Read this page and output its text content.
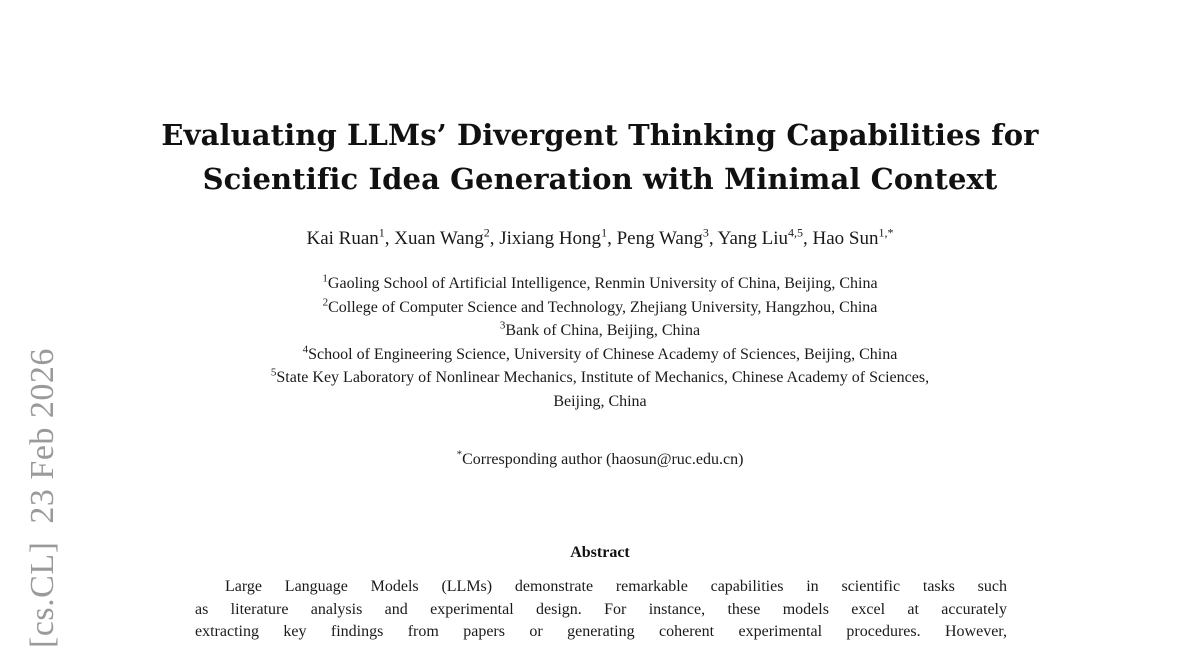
[cs.CL]23 Feb 2026
Evaluating LLMs’ Divergent Thinking Capabilities for
Scientific Idea Generation with Minimal Context
Kai Ruan$^1$, Xuan Wang$^2$, Jixiang Hong$^1$, Peng Wang$^3$, Yang Liu$^{4,5}$, Hao Sun$^{1,*}$
$^1$Gaoling School of Artificial Intelligence, Renmin University of China, Beijing, China
$^2$College of Computer Science and Technology, Zhejiang University, Hangzhou, China
$^3$Bank of China, Beijing, China
$^4$School of Engineering Science, University of Chinese Academy of Sciences, Beijing, China
$^5$State Key Laboratory of Nonlinear Mechanics, Institute of Mechanics, Chinese Academy of Sciences,
Beijing, China
*Corresponding author (haosun@ruc.edu.cn)
Abstract
Large Language Models (LLMs) demonstrate remarkable capabilities in scientific tasks such
as literature analysis and experimental design. For instance, these models excel at accurately
extracting key findings from papers or generating coherent experimental procedures. However,
